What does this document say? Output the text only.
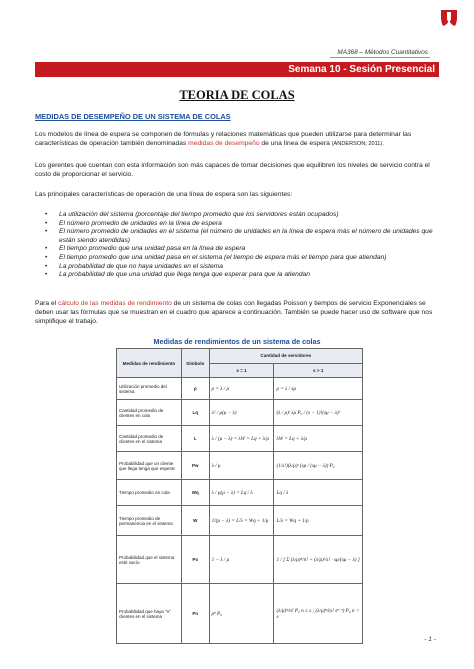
MA368 – Métodos Cuantitativos
Semana 10 - Sesión Presencial
TEORIA DE COLAS
MEDIDAS DE DESEMPEÑO DE UN SISTEMA DE COLAS
Los modelos de línea de espera se componen de fórmulas y relaciones matemáticas que pueden utilizarse para determinar las características de operación también denominadas medidas de desempeño de una línea de espera (ANDERSON; 2011).
Los gerentes que cuentan con esta información son más capaces de tomar decisiones que equilibren los niveles de servicio contra el costo de proporcionar el servicio.
Las principales características de operación de una línea de espera son las siguientes:
• La utilización del sistema (porcentaje del tiempo promedio que los servidores están ocupados)
• El número promedio de unidades en la línea de espera
• El número promedio de unidades en el sistema (el número de unidades en la línea de espera más el número de unidades que están siendo atendidas)
• El tiempo promedio que una unidad pasa en la línea de espera
• El tiempo promedio que una unidad pasa en el sistema (el tiempo de espera más el tiempo para que atiendan)
• La probabilidad de que no haya unidades en el sistema
• La probabilidad de que una unidad que llega tenga que esperar para que la atiendan
Para el cálculo de las medidas de rendimiento de un sistema de colas con llegadas Poisson y tiempos de servicio Exponenciales se deben usar las fórmulas que se muestran en el cuadro que aparece a continuación. También se puede hacer uso de software que nos simplifique el trabajo.
Medidas de rendimientos de un sistema de colas
Medidas de rendimiento	Símbolo	Cantidad de servidores	
		s = 1	s > 1
Utilización promedio del sistema	ρ	ρ = λ / μ	ρ = λ / sμ
Cantidad promedio de clientes en cola	Lq	λ² / μ(μ − λ)	(λ / μ)ˢ λμ P₀ / (s − 1)!(sμ − λ)²
Cantidad promedio de clientes en el sistema	L	λ / (μ − λ) = λW = Lq + λ/μ	λW = Lq + λ/μ
Probabilidad que un cliente que llega tenga que esperar	Pw	λ / μ	(1/s!)(λ/μ)ˢ (sμ / (sμ − λ)) P₀
Tiempo promedio en cola	Wq	λ / μ(μ − λ) = Lq / λ	Lq / λ
Tiempo promedio de permanencia en el sistema	W	1/(μ − λ) = L/λ = Wq + 1/μ	L/λ = Wq + 1/μ
Probabilidad que el sistema esté vacío	Po	1 − λ / μ	1 / [ Σ (λ/μ)ⁿ/n! + (λ/μ)ˢ/s! · sμ/(sμ − λ) ]
Probabilidad que haya "n" clientes en el sistema	Pn	ρⁿ P₀	(λ/μ)ⁿ/n! P₀ n ≤ s ; (λ/μ)ⁿ/(s! sⁿ⁻ˢ) P₀ n > s
- 1 -
